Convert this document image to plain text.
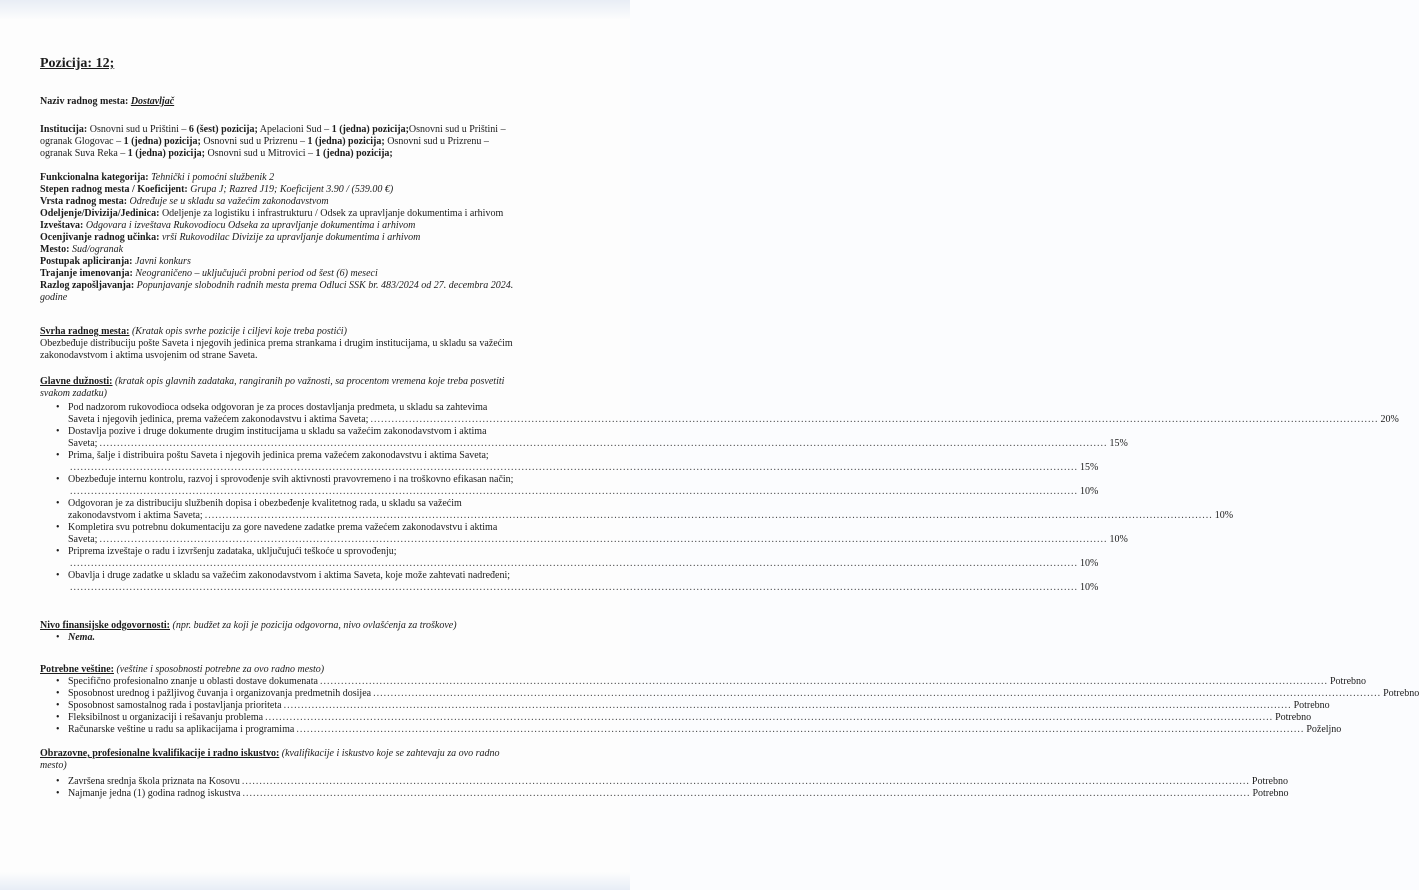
Pozicija: 12;
Naziv radnog mesta: Dostavljač
Institucija: Osnovni sud u Prištini – 6 (šest) pozicija; Apelacioni Sud – 1 (jedna) pozicija;Osnovni sud u Prištini –
ogranak Glogovac – 1 (jedna) pozicija; Osnovni sud u Prizrenu – 1 (jedna) pozicija; Osnovni sud u Prizrenu –
ogranak Suva Reka – 1 (jedna) pozicija; Osnovni sud u Mitrovici – 1 (jedna) pozicija;
Funkcionalna kategorija: Tehnički i pomoćni službenik 2
Stepen radnog mesta / Koeficijent: Grupa J; Razred J19; Koeficijent 3.90 / (539.00 €)
Vrsta radnog mesta: Određuje se u skladu sa važećim zakonodavstvom
Odeljenje/Divizija/Jedinica: Odeljenje za logistiku i infrastrukturu / Odsek za upravljanje dokumentima i arhivom
Izveštava: Odgovara i izveštava Rukovodiocu Odseka za upravljanje dokumentima i arhivom
Ocenjivanje radnog učinka: vrši Rukovodilac Divizije za upravljanje dokumentima i arhivom
Mesto: Sud/ogranak
Postupak apliciranja: Javni konkurs
Trajanje imenovanja: Neograničeno – uključujući probni period od šest (6) meseci
Razlog zapošljavanja: Popunjavanje slobodnih radnih mesta prema Odluci SSK br. 483/2024 od 27. decembra 2024.
godine
Svrha radnog mesta: (Kratak opis svrhe pozicije i ciljevi koje treba postići)
Obezbeđuje distribuciju pošte Saveta i njegovih jedinica prema strankama i drugim institucijama, u skladu sa važećim
zakonodavstvom i aktima usvojenim od strane Saveta.
Glavne dužnosti: (kratak opis glavnih zadataka, rangiranih po važnosti, sa procentom vremena koje treba posvetiti
svakom zadatku)
• Pod nadzorom rukovodioca odseka odgovoran je za proces dostavljanja predmeta, u skladu sa zahtevima
Saveta i njegovih jedinica, prema važećem zakonodavstvu i aktima Saveta; ................................................................................................................................................................................................................................................................................................ 20%
• Dostavlja pozive i druge dokumente drugim institucijama u skladu sa važećim zakonodavstvom i aktima
Saveta; ................................................................................................................................................................................................................................................................................................ 15%
• Prima, šalje i distribuira poštu Saveta i njegovih jedinica prema važećem zakonodavstvu i aktima Saveta;
................................................................................................................................................................................................................................................................................................ 15%
• Obezbeđuje internu kontrolu, razvoj i sprovođenje svih aktivnosti pravovremeno i na troškovno efikasan način;
................................................................................................................................................................................................................................................................................................ 10%
• Odgovoran je za distribuciju službenih dopisa i obezbeđenje kvalitetnog rada, u skladu sa važećim
zakonodavstvom i aktima Saveta; ................................................................................................................................................................................................................................................................................................ 10%
• Kompletira svu potrebnu dokumentaciju za gore navedene zadatke prema važećem zakonodavstvu i aktima
Saveta; ................................................................................................................................................................................................................................................................................................ 10%
• Priprema izveštaje o radu i izvršenju zadataka, uključujući teškoće u sprovođenju;
................................................................................................................................................................................................................................................................................................ 10%
• Obavlja i druge zadatke u skladu sa važećim zakonodavstvom i aktima Saveta, koje može zahtevati nadređeni;
................................................................................................................................................................................................................................................................................................ 10%
Nivo finansijske odgovornosti: (npr. budžet za koji je pozicija odgovorna, nivo ovlašćenja za troškove)
• Nema.
Potrebne veštine: (veštine i sposobnosti potrebne za ovo radno mesto)
• Specifično profesionalno znanje u oblasti dostave dokumenata ................................................................................................................................................................................................................................................................................................ Potrebno
• Sposobnost urednog i pažljivog čuvanja i organizovanja predmetnih dosijea ................................................................................................................................................................................................................................................................................................ Potrebno
• Sposobnost samostalnog rada i postavljanja prioriteta ................................................................................................................................................................................................................................................................................................ Potrebno
• Fleksibilnost u organizaciji i rešavanju problema ................................................................................................................................................................................................................................................................................................ Potrebno
• Računarske veštine u radu sa aplikacijama i programima ................................................................................................................................................................................................................................................................................................ Poželjno
Obrazovne, profesionalne kvalifikacije i radno iskustvo: (kvalifikacije i iskustvo koje se zahtevaju za ovo radno
mesto)
• Završena srednja škola priznata na Kosovu ................................................................................................................................................................................................................................................................................................ Potrebno
• Najmanje jedna (1) godina radnog iskustva ................................................................................................................................................................................................................................................................................................ Potrebno
